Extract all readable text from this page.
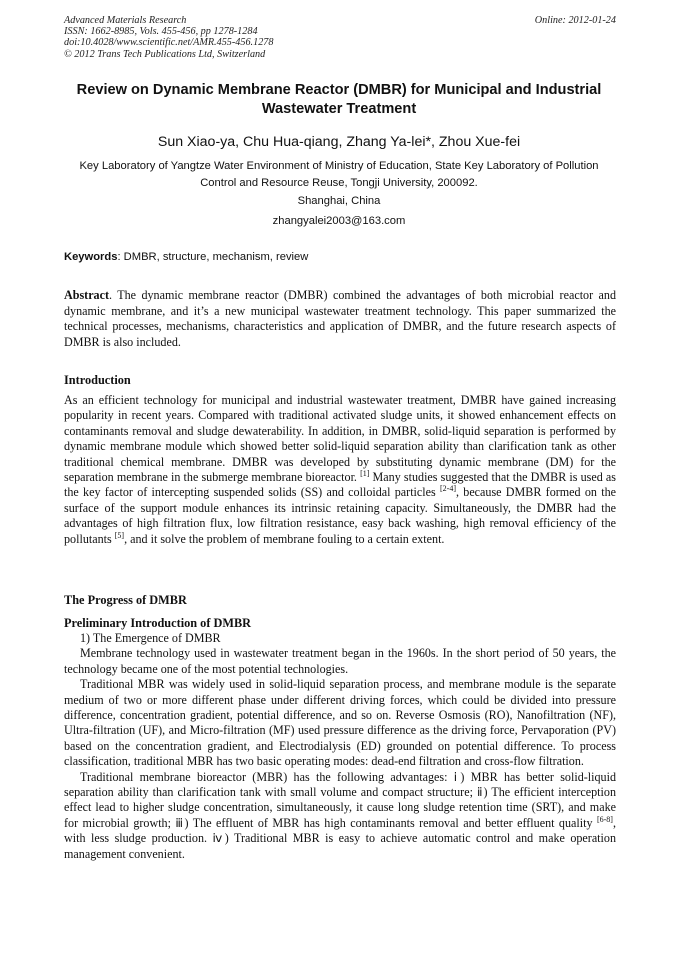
Advanced Materials Research
ISSN: 1662-8985, Vols. 455-456, pp 1278-1284
doi:10.4028/www.scientific.net/AMR.455-456.1278
© 2012 Trans Tech Publications Ltd, Switzerland
Online: 2012-01-24
Review on Dynamic Membrane Reactor (DMBR) for Municipal and Industrial Wastewater Treatment
Sun Xiao-ya, Chu Hua-qiang, Zhang Ya-lei*, Zhou Xue-fei
Key Laboratory of Yangtze Water Environment of Ministry of Education, State Key Laboratory of Pollution Control and Resource Reuse, Tongji University, 200092.
Shanghai, China
zhangyalei2003@163.com
Keywords: DMBR, structure, mechanism, review
Abstract. The dynamic membrane reactor (DMBR) combined the advantages of both microbial reactor and dynamic membrane, and it’s a new municipal wastewater treatment technology. This paper summarized the technical processes, mechanisms, characteristics and application of DMBR, and the future research aspects of DMBR is also included.
Introduction
As an efficient technology for municipal and industrial wastewater treatment, DMBR have gained increasing popularity in recent years. Compared with traditional activated sludge units, it showed enhancement effects on contaminants removal and sludge dewaterability. In addition, in DMBR, solid-liquid separation is performed by dynamic membrane module which showed better solid-liquid separation ability than clarification tank as other traditional chemical membrane. DMBR was developed by substituting dynamic membrane (DM) for the separation membrane in the submerge membrane bioreactor. [1] Many studies suggested that the DMBR is used as the key factor of intercepting suspended solids (SS) and colloidal particles [2-4], because DMBR formed on the surface of the support module enhances its intrinsic retaining capacity. Simultaneously, the DMBR had the advantages of high filtration flux, low filtration resistance, easy back washing, high removal efficiency of the pollutants [5], and it solve the problem of membrane fouling to a certain extent.
The Progress of DMBR
Preliminary Introduction of DMBR

1) The Emergence of DMBR

Membrane technology used in wastewater treatment began in the 1960s. In the short period of 50 years, the technology became one of the most potential technologies.

Traditional MBR was widely used in solid-liquid separation process, and membrane module is the separate medium of two or more different phase under different driving forces, which could be divided into pressure difference, concentration gradient, potential difference, and so on. Reverse Osmosis (RO), Nanofiltration (NF), Ultra-filtration (UF), and Micro-filtration (MF) used pressure difference as the driving force, Pervaporation (PV) based on the concentration gradient, and Electrodialysis (ED) grounded on potential difference. To process classification, traditional MBR has two basic operating modes: dead-end filtration and cross-flow filtration.

Traditional membrane bioreactor (MBR) has the following advantages: ⅰ) MBR has better solid-liquid separation ability than clarification tank with small volume and compact structure; ⅱ) The efficient interception effect lead to higher sludge concentration, simultaneously, it cause long sludge retention time (SRT), and make for microbial growth; ⅲ) The effluent of MBR has high contaminants removal and better effluent quality [6-8], with less sludge production. ⅳ) Traditional MBR is easy to achieve automatic control and make operation management convenient.
